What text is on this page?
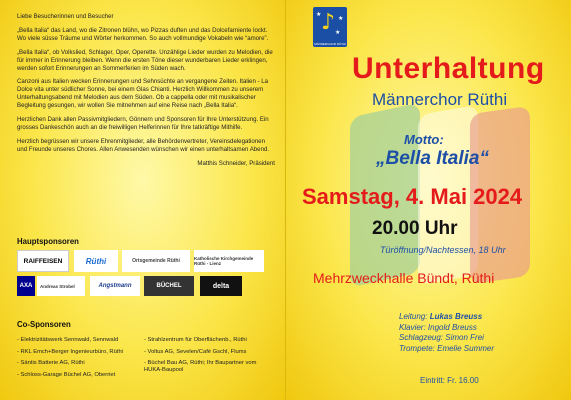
Liebe Besucherinnen und Besucher

„Bella Italia“ das Land, wo die Zitronen blühn, wo Pizzas duften und das Dolcefarniente lockt. Wo viele süsse Träume und Wörter herkommen. So auch vollmundige Vokabeln wie “amore”.

„Bella Italia“, ob Volkslied, Schlager, Oper, Operette. Unzählige Lieder wurden zu Melodien, die für immer in Erinnerung bleiben. Wenn die ersten Töne dieser wunderbaren Lieder erklingen, werden sofort Erinnerungen an Sommerferien im Süden wach.

Canzoni aus Italien wecken Erinnerungen und Sehnsüchte an vergangene Zeiten. Italien - La Dolce vita unter südlicher Sonne, bei einem Glas Chianti. Herzlich Willkommen zu unserem Unterhaltungsabend mit Melodien aus dem Süden. Ob a cappella oder mit musikalischer Begleitung gesungen, wir wollen Sie mitnehmen auf eine Reise nach „Bella Italia“.

Herzlichen Dank allen Passivmitgliedern, Gönnern und Sponsoren für Ihre Unterstützung. Ein grosses Dankeschön auch an die freiwilligen Helferinnen für Ihre tatkräftige Mithilfe.

Herzlich begrüssen wir unsere Ehrenmitglieder, alle Behördenvertreter, Vereinsdelegationen und Freunde unseres Chores. Allen Anwesenden wünschen wir einen unterhaltsamen Abend.

Matthis Schneider, Präsident

Hauptsponsoren
RAIFFEISEN	Rüthi	Ortsgemeinde Rüthi	Katholische Kirchgemeinde Rüthi - Lienz
AXA	Andreas Strobel	Angstmann	BÜCHEL	delta
Co-Sponsoren
- Elektrizitätswerk Sennwald, Sennwald
- RKL Emch+Berger Ingenieurbüro, Rüthi
- Säntis Batterie AG, Rüthi
- Schloss-Garage Büchel AG, Oberriet
- Strahlzentrum für Oberflächenb., Rüthi
- Voltus AG, Sevelen/Café Gschl, Flums
- Büchel Bau AG, Rüthi; Ihr Baupartner vom HUKA-Baupool
♪
★
★
★
MÄNNERCHOR RÜTHI
Unterhaltung
Männerchor Rüthi
Motto:
„Bella Italia“
Samstag, 4. Mai 2024
20.00 Uhr
Türöffnung/Nachtessen, 18 Uhr
Mehrzweckhalle Bündt, Rüthi
Leitung: Lukas Breuss
Klavier: Ingold Breuss
Schlagzeug: Simon Frei
Trompete: Emelie Summer
Eintritt: Fr. 16.00
